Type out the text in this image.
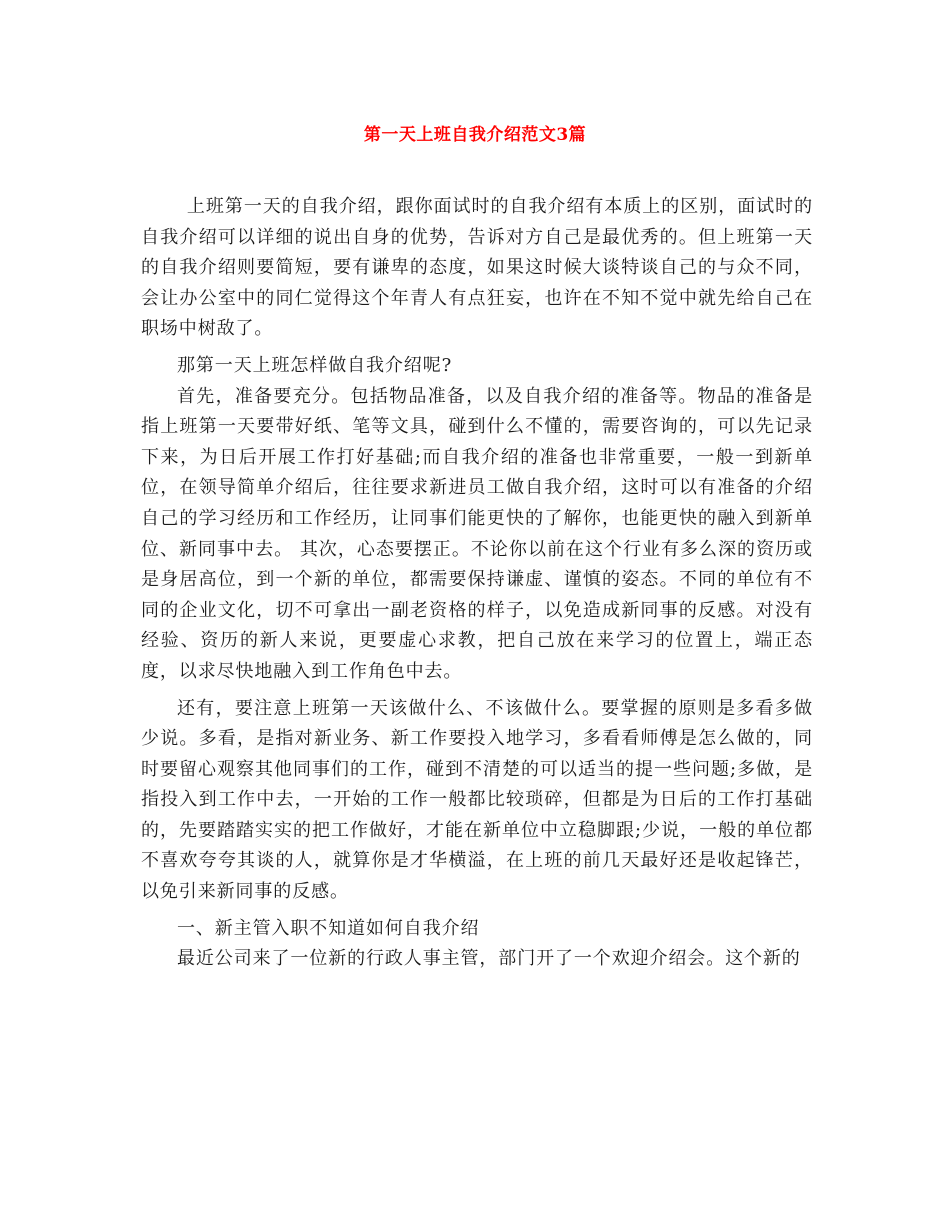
第一天上班自我介绍范文3篇

上班第一天的自我介绍，跟你面试时的自我介绍有本质上的区别，面试时的自我介绍可以详细的说出自身的优势，告诉对方自己是最优秀的。但上班第一天的自我介绍则要简短，要有谦卑的态度，如果这时候大谈特谈自己的与众不同，会让办公室中的同仁觉得这个年青人有点狂妄，也许在不知不觉中就先给自己在职场中树敌了。

那第一天上班怎样做自我介绍呢?

首先，准备要充分。包括物品准备，以及自我介绍的准备等。物品的准备是指上班第一天要带好纸、笔等文具，碰到什么不懂的，需要咨询的，可以先记录下来，为日后开展工作打好基础;而自我介绍的准备也非常重要，一般一到新单位，在领导简单介绍后，往往要求新进员工做自我介绍，这时可以有准备的介绍自己的学习经历和工作经历，让同事们能更快的了解你，也能更快的融入到新单位、新同事中去。 其次，心态要摆正。不论你以前在这个行业有多么深的资历或是身居高位，到一个新的单位，都需要保持谦虚、谨慎的姿态。不同的单位有不同的企业文化，切不可拿出一副老资格的样子，以免造成新同事的反感。对没有经验、资历的新人来说，更要虚心求教，把自己放在来学习的位置上，端正态度，以求尽快地融入到工作角色中去。

还有，要注意上班第一天该做什么、不该做什么。要掌握的原则是多看多做少说。多看，是指对新业务、新工作要投入地学习，多看看师傅是怎么做的，同时要留心观察其他同事们的工作，碰到不清楚的可以适当的提一些问题;多做，是指投入到工作中去，一开始的工作一般都比较琐碎，但都是为日后的工作打基础的，先要踏踏实实的把工作做好，才能在新单位中立稳脚跟;少说，一般的单位都不喜欢夸夸其谈的人，就算你是才华横溢，在上班的前几天最好还是收起锋芒，以免引来新同事的反感。

一、新主管入职不知道如何自我介绍

最近公司来了一位新的行政人事主管，部门开了一个欢迎介绍会。这个新的
